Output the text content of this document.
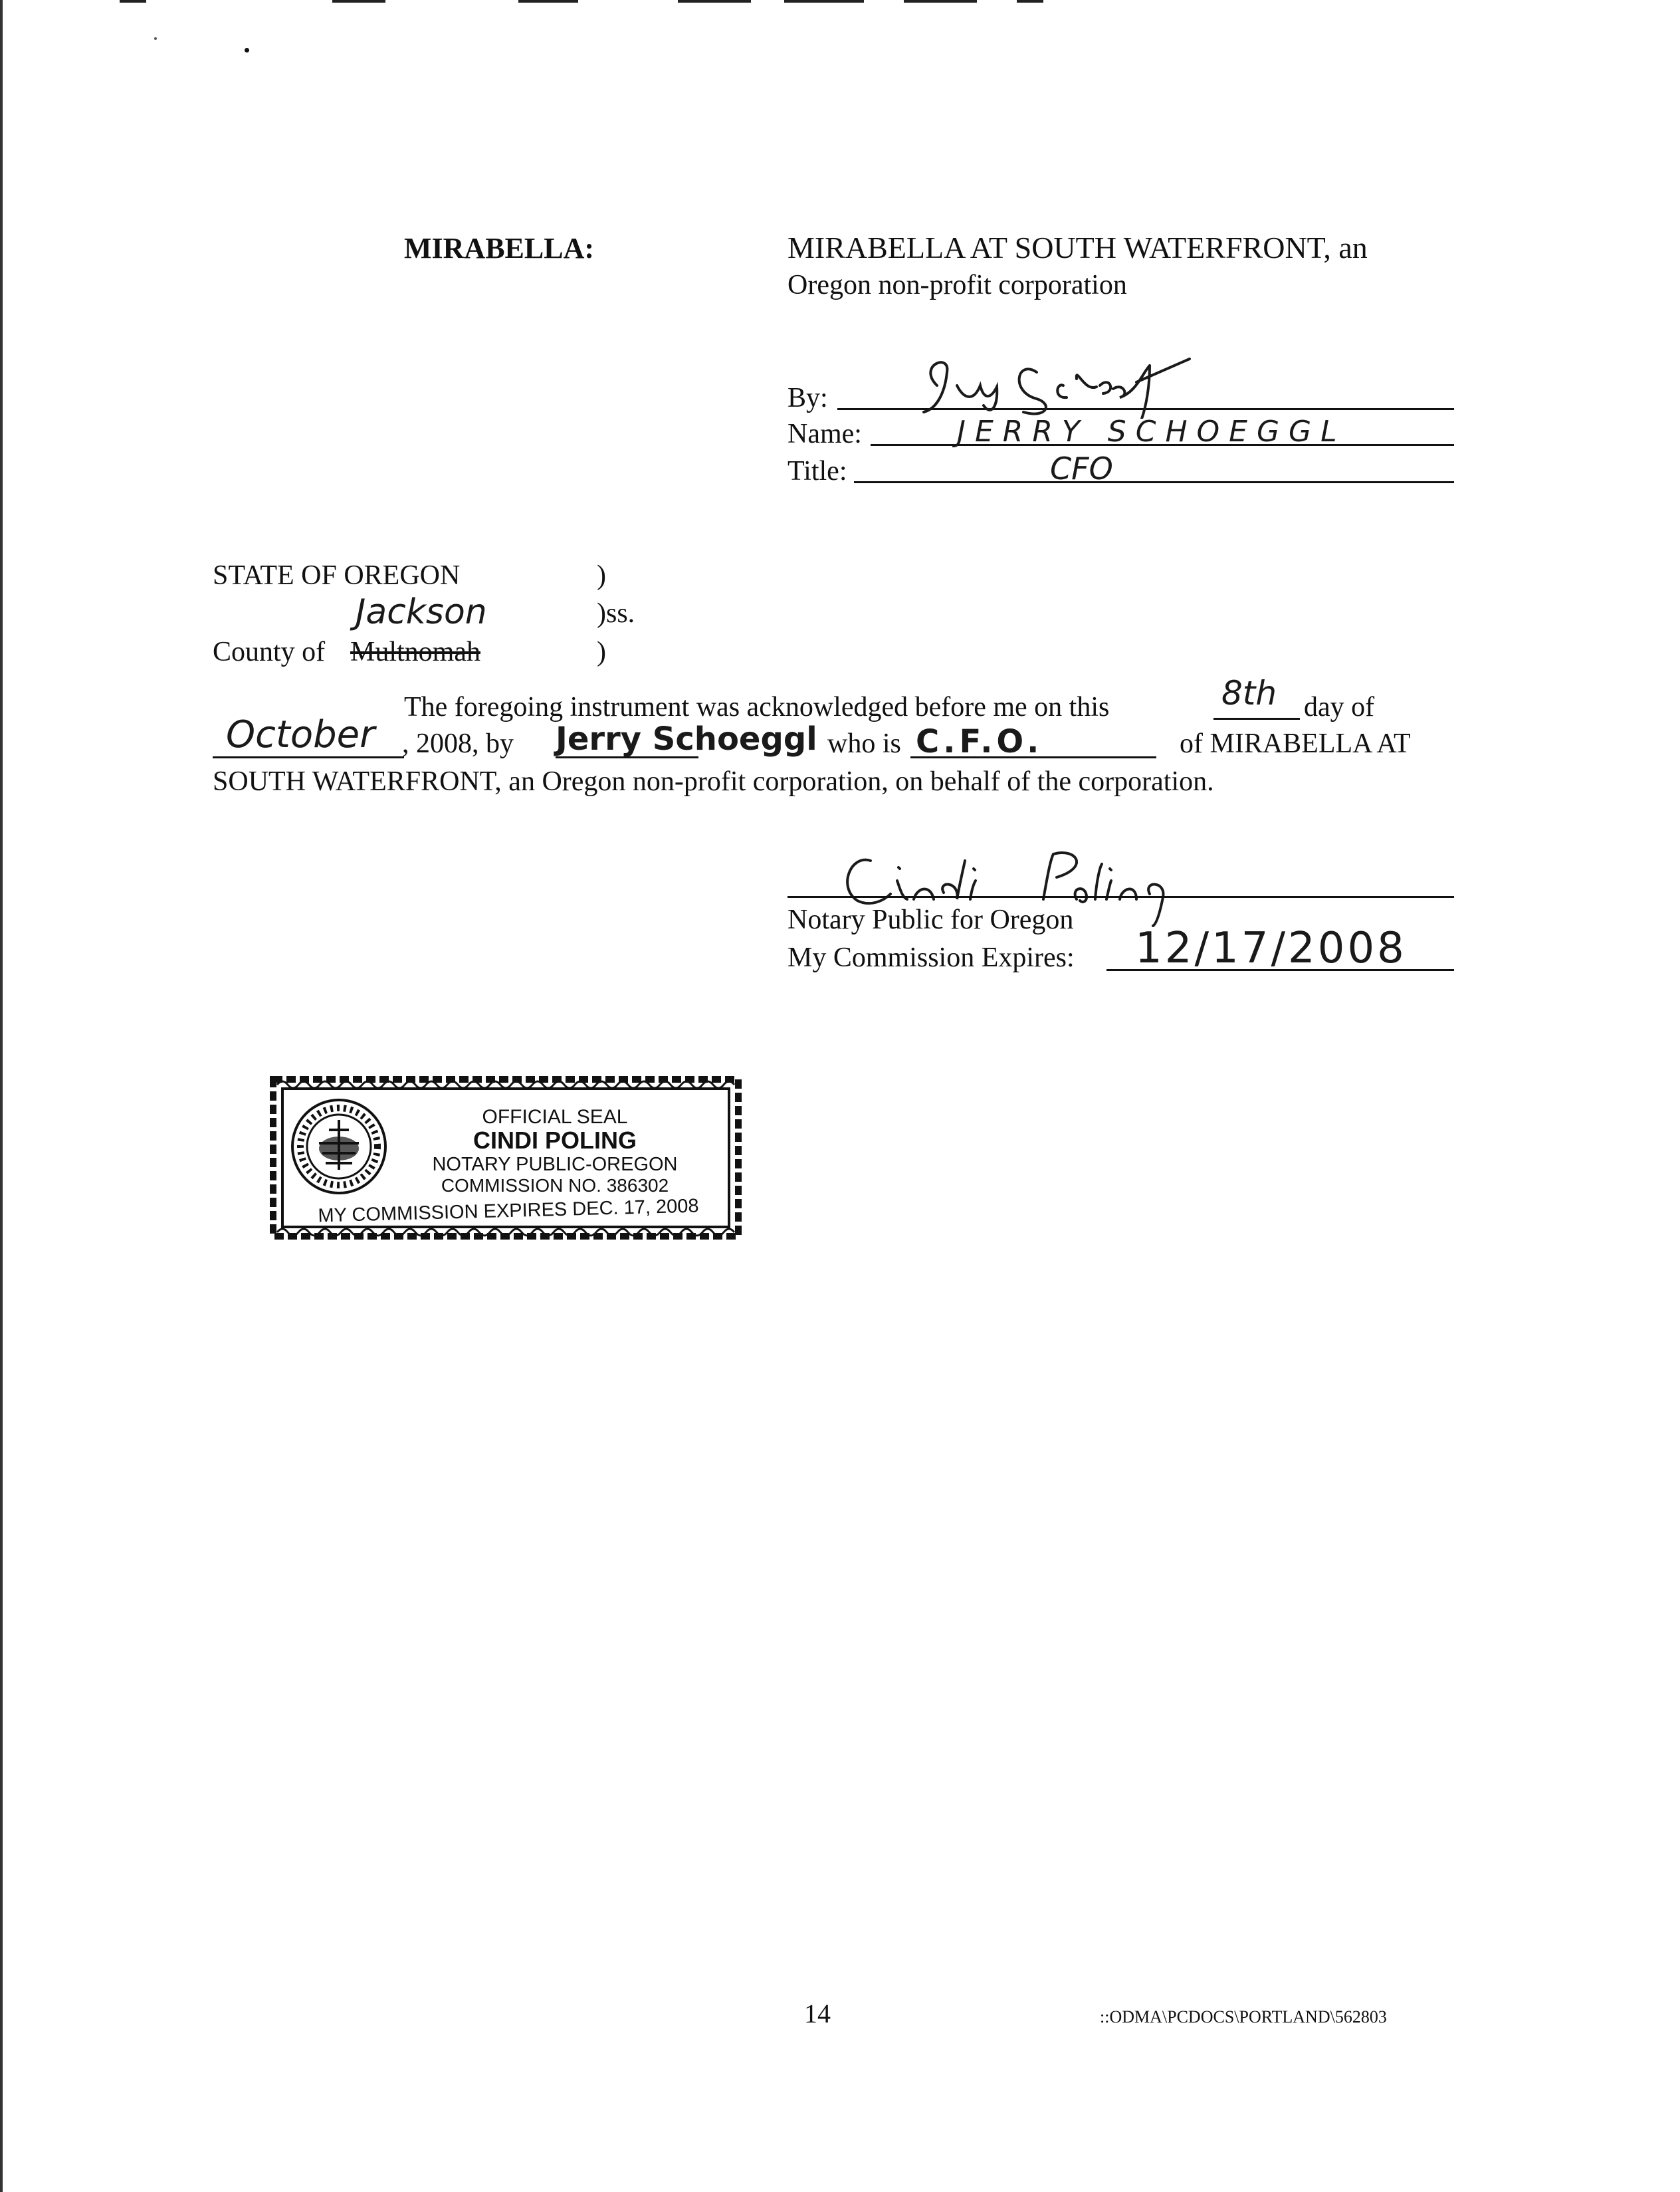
MIRABELLA:	MIRABELLA AT SOUTH WATERFRONT, an
Oregon non-profit corporation
By:
Name:	JERRY SCHOEGGL
Title:	CFO
STATE OF OREGON	)
Jackson	)ss.
County of Multnomah	)
The foregoing instrument was acknowledged before me on this	8th day of
October , 2008, by Jerry Schoeggl who is C.F.O.	of MIRABELLA AT
SOUTH WATERFRONT, an Oregon non-profit corporation, on behalf of the corporation.
Notary Public for Oregon
My Commission Expires: 12/17/2008
OFFICIAL SEAL
CINDI POLING
NOTARY PUBLIC-OREGON
COMMISSION NO. 386302
MY COMMISSION EXPIRES DEC. 17, 2008
14	::ODMA\PCDOCS\PORTLAND\562803
